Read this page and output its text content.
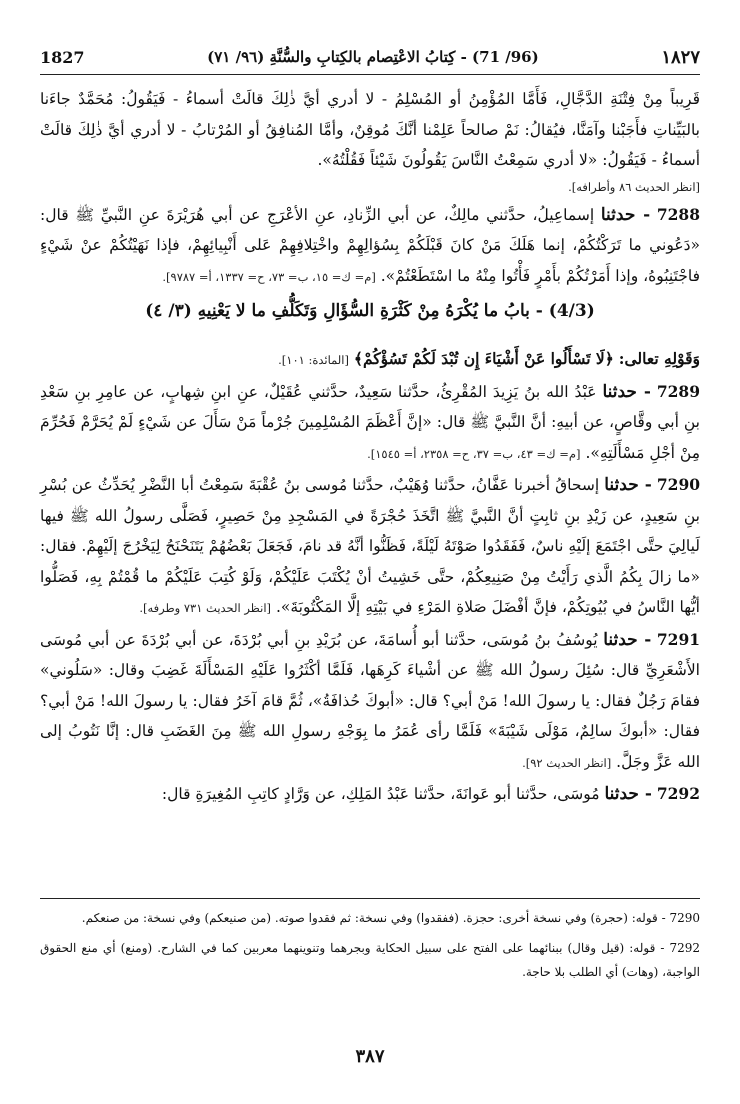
1827	(96/ 71) - كِتابُ الاعْتِصام بالكِتابِ والسُّنَّةِ (٩٦/ ٧١)	١٨٢٧

قَرِيباً مِنْ فِتْنَةِ الدَّجَّالِ، فَأَمَّا المُؤْمِنُ أو المُسْلِمُ - لا أدري أيَّ ذٰلِكَ قالَتْ أسماءُ - فَيَقُولُ: مُحَمَّدٌ جاءَنا بالبَيِّناتِ فأَجَبْنا وآمَنَّا، فيُقالُ: نَمْ صالحاً عَلِمْنا أنَّكَ مُوقِنٌ، وأمَّا المُنافِقُ أو المُرْتابُ - لا أدري أيَّ ذٰلِكَ قالَتْ أسماءُ - فَيَقُولُ: «لا أدري سَمِعْتُ النَّاسَ يَقُولُونَ شَيْئاً فَقُلْتُهُ».

[انظر الحديث ٨٦ وأطرافه].

7288 - حدثنا إسماعِيلُ، حدَّثني مالِكٌ، عن أبي الزِّنادِ، عنِ الأعْرَجِ عن أبي هُرَيْرَةَ عنِ النَّبيِّ ﷺ قال: «دَعُوني ما تَرَكْتُكُمْ، إنما هَلَكَ مَنْ كانَ قَبْلَكُمْ بِسُؤالِهِمْ واخْتِلافِهِمْ عَلى أَنْبِيائِهِمْ، فإذا نَهَيْتُكُمْ عنْ شَيْءٍ فاجْتَنِبُوهُ، وإذا أَمَرْتُكُمْ بأَمْرٍ فَأْتُوا مِنْهُ ما اسْتَطَعْتُمْ». [م= ك= ١٥، ب= ٧٣، ح= ١٣٣٧، أ= ٩٧٨٧].

(4/3) - بابُ ما يُكْرَهُ مِنْ كَثْرَةِ السُّؤَالِ وَتَكَلُّفِ ما لا يَعْنِيهِ (٣/ ٤)

وَقَوْلِهِ تعالى: ﴿لَا تَسْأَلُوا عَنْ أَشْيَاءَ إِن تُبْدَ لَكُمْ تَسُؤْكُمْ﴾ [المائدة: ١٠١].

7289 - حدثنا عَبْدُ الله بنُ يَزِيدَ المُقْرِئُ، حدَّثنا سَعِيدٌ، حدَّثني عُقَيْلٌ، عنِ ابنِ شِهابٍ، عن عامِرِ بنِ سَعْدِ بنِ أبي وقَّاصٍ، عن أبيهِ: أنَّ النَّبيَّ ﷺ قال: «إنَّ أَعْظَمَ المُسْلِمِينَ جُرْماً مَنْ سَأَلَ عن شَيْءٍ لَمْ يُحَرَّمْ فَحُرِّمَ مِنْ أجْلِ مَسْأَلَتِهِ». [م= ك= ٤٣، ب= ٣٧، ح= ٢٣٥٨، أ= ١٥٤٥].

7290 - حدثنا إسحاقُ أخبرنا عَفَّانُ، حدَّثنا وُهَيْبٌ، حدَّثنا مُوسى بنُ عُقْبَةَ سَمِعْتُ أبا النَّضْرِ يُحَدِّثُ عن بُسْرِ بنِ سَعِيدٍ، عن زَيْدِ بنِ ثابِتٍ أنَّ النَّبيَّ ﷺ اتَّخَذَ حُجْرَةً في المَسْجِدِ مِنْ حَصِيرٍ، فَصَلَّى رسولُ الله ﷺ فيها لَيالِيَ حتَّى اجْتَمَعَ إلَيْهِ ناسٌ، فَفَقَدُوا صَوْتَهُ لَيْلَةً، فَظَنُّوا أنَّهُ قد نامَ، فَجَعَلَ بَعْضُهُمْ يَتَنَحْنَحُ لِيَخْرُجَ إلَيْهِمْ. فقال: «ما زالَ بِكُمُ الَّذي رَأَيْتُ مِنْ صَنِيعِكُمْ، حتَّى خَشِيتُ أنْ يُكْتَبَ عَلَيْكُمْ، وَلَوْ كُتِبَ عَلَيْكُمْ ما قُمْتُمْ بِهِ، فَصَلُّوا أيُّها النَّاسُ في بُيُوتِكُمْ، فإنَّ أفْضَلَ صَلاةِ المَرْءِ في بَيْتِهِ إلَّا المَكْتُوبَةَ». [انظر الحديث ٧٣١ وطرفه].

7291 - حدثنا يُوسُفُ بنُ مُوسَى، حدَّثنا أبو أُسامَةَ، عن بُرَيْدِ بنِ أبي بُرْدَةَ، عن أبي بُرْدَةَ عن أبي مُوسَى الأَشْعَرِيِّ قال: سُئِلَ رسولُ الله ﷺ عن أشْياءَ كَرِهَها، فَلَمَّا أكْثَرُوا عَلَيْهِ المَسْأَلَةَ غَضِبَ وقال: «سَلُوني» فقامَ رَجُلٌ فقال: يا رسولَ الله! مَنْ أبي؟ قال: «أبوكَ حُذافَةُ»، ثُمَّ قامَ آخَرُ فقال: يا رسولَ الله! مَنْ أبي؟ فقال: «أبوكَ سالِمٌ، مَوْلَى شَيْبَةَ» فَلَمَّا رأى عُمَرُ ما بِوَجْهِ رسولِ الله ﷺ مِنَ الغَضَبِ قال: إنَّا نَتُوبُ إلى الله عَزَّ وجَلَّ. [انظر الحديث ٩٢].

7292 - حدثنا مُوسَى، حدَّثنا أبو عَوانَةَ، حدَّثنا عَبْدُ المَلِكِ، عن وَرَّادٍ كاتِبِ المُغِيرَةِ قال:

7290 - قوله: (حجرة) وفي نسخة أخرى: حجزة. (ففقدوا) وفي نسخة: ثم فقدوا صوته. (من صنيعكم) وفي نسخة: من صنعكم.

7292 - قوله: (قيل وقال) ببنائهما على الفتح على سبيل الحكاية وبجرهما وتنوينهما معربين كما في الشارح. (ومنع) أي منع الحقوق الواجبة، (وهات) أي الطلب بلا حاجة.

٣٨٧
